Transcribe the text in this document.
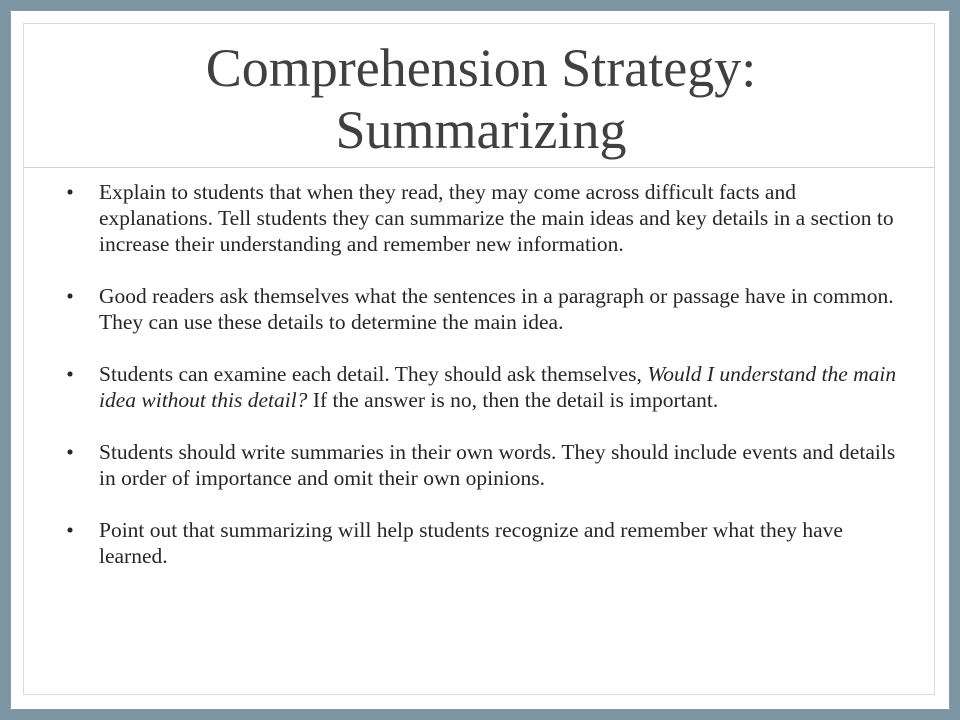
Comprehension Strategy: Summarizing
• Explain to students that when they read, they may come across difficult facts and explanations. Tell students they can summarize the main ideas and key details in a section to increase their understanding and remember new information.
• Good readers ask themselves what the sentences in a paragraph or passage have in common. They can use these details to determine the main idea.
• Students can examine each detail. They should ask themselves, Would I understand the main idea without this detail? If the answer is no, then the detail is important.
• Students should write summaries in their own words. They should include events and details in order of importance and omit their own opinions.
• Point out that summarizing will help students recognize and remember what they have learned.
